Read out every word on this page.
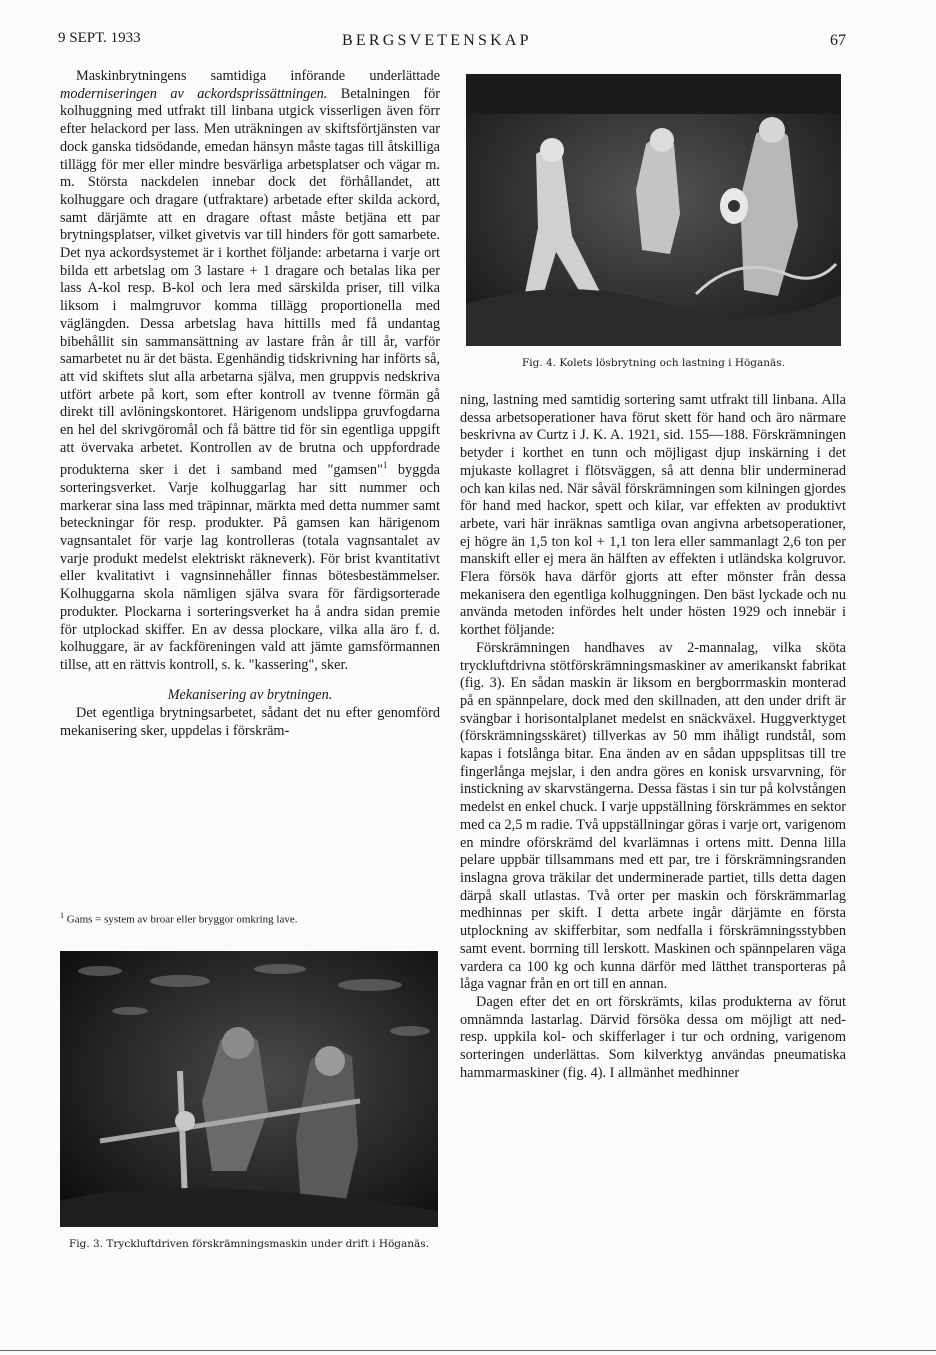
9 SEPT. 1933	BERGSVETENSKAP	67

Maskinbrytningens samtidiga införande underlättade moderniseringen av ackordsprissättningen. Betalningen för kolhuggning med utfrakt till linbana utgick visserligen även förr efter helackord per lass. Men uträkningen av skiftsförtjänsten var dock ganska tidsödande, emedan hänsyn måste tagas till åtskilliga tillägg för mer eller mindre besvärliga arbetsplatser och vägar m. m. Största nackdelen innebar dock det förhållandet, att kolhuggare och dragare (utfraktare) arbetade efter skilda ackord, samt därjämte att en dragare oftast måste betjäna ett par brytningsplatser, vilket givetvis var till hinders för gott samarbete. Det nya ackordsystemet är i korthet följande: arbetarna i varje ort bilda ett arbetslag om 3 lastare + 1 dragare och betalas lika per lass A-kol resp. B-kol och lera med särskilda priser, till vilka liksom i malmgruvor komma tillägg proportionella med väglängden. Dessa arbetslag hava hittills med få undantag bibehållit sin sammansättning av lastare från år till år, varför samarbetet nu är det bästa. Egenhändig tidskrivning har införts så, att vid skiftets slut alla arbetarna själva, men gruppvis nedskriva utfört arbete på kort, som efter kontroll av tvenne förmän gå direkt till avlöningskontoret. Härigenom undslippa gruvfogdarna en hel del skrivgöromål och få bättre tid för sin egentliga uppgift att övervaka arbetet. Kontrollen av de brutna och uppfordrade produkterna sker i det i samband med "gamsen"$^1$ byggda sorteringsverket. Varje kolhuggarlag har sitt nummer och markerar sina lass med träpinnar, märkta med detta nummer samt beteckningar för resp. produkter. På gamsen kan härigenom vagnsantalet för varje lag kontrolleras (totala vagnsantalet av varje produkt medelst elektriskt räkneverk). För brist kvantitativt eller kvalitativt i vagnsinnehåller finnas bötesbestämmelser. Kolhuggarna skola nämligen själva svara för färdigsorterade produkter. Plockarna i sorteringsverket ha å andra sidan premie för utplockad skiffer. En av dessa plockare, vilka alla äro f. d. kolhuggare, är av fackföreningen vald att jämte gamsförmannen tillse, att en rättvis kontroll, s. k. "kassering", sker.

Mekanisering av brytningen.

Det egentliga brytningsarbetet, sådant det nu efter genomförd mekanisering sker, uppdelas i förskräm-

$^1$ Gams = system av broar eller bryggor omkring lave.
Fig. 3. Tryckluftdriven förskrämningsmaskin under drift i Höganäs.
Fig. 4. Kolets lösbrytning och lastning i Höganäs.

ning, lastning med samtidig sortering samt utfrakt till linbana. Alla dessa arbetsoperationer hava förut skett för hand och äro närmare beskrivna av Curtz i J. K. A. 1921, sid. 155—188. Förskrämningen betyder i korthet en tunn och möjligast djup inskärning i det mjukaste kollagret i flötsväggen, så att denna blir underminerad och kan kilas ned. När såväl förskrämningen som kilningen gjordes för hand med hackor, spett och kilar, var effekten av produktivt arbete, vari här inräknas samtliga ovan angivna arbetsoperationer, ej högre än 1,5 ton kol + 1,1 ton lera eller sammanlagt 2,6 ton per manskift eller ej mera än hälften av effekten i utländska kolgruvor. Flera försök hava därför gjorts att efter mönster från dessa mekanisera den egentliga kolhuggningen. Den bäst lyckade och nu använda metoden infördes helt under hösten 1929 och innebär i korthet följande:

Förskrämningen handhaves av 2-mannalag, vilka sköta tryckluftdrivna stötförskrämningsmaskiner av amerikanskt fabrikat (fig. 3). En sådan maskin är liksom en bergborrmaskin monterad på en spännpelare, dock med den skillnaden, att den under drift är svängbar i horisontalplanet medelst en snäckväxel. Huggverktyget (förskrämningsskäret) tillverkas av 50 mm ihåligt rundstål, som kapas i fotslånga bitar. Ena änden av en sådan uppsplitsas till tre fingerlånga mejslar, i den andra göres en konisk ursvarvning, för instickning av skarvstängerna. Dessa fästas i sin tur på kolvstången medelst en enkel chuck. I varje uppställning förskrämmes en sektor med ca 2,5 m radie. Två uppställningar göras i varje ort, varigenom en mindre oförskrämd del kvarlämnas i ortens mitt. Denna lilla pelare uppbär tillsammans med ett par, tre i förskrämningsranden inslagna grova träkilar det underminerade partiet, tills detta dagen därpå skall utlastas. Två orter per maskin och förskrämmarlag medhinnas per skift. I detta arbete ingår därjämte en första utplockning av skifferbitar, som nedfalla i förskrämningsstybben samt event. borrning till lerskott. Maskinen och spännpelaren väga vardera ca 100 kg och kunna därför med lätthet transporteras på låga vagnar från en ort till en annan.

Dagen efter det en ort förskrämts, kilas produkterna av förut omnämnda lastarlag. Därvid försöka dessa om möjligt att ned- resp. uppkila kol- och skifferlager i tur och ordning, varigenom sorteringen underlättas. Som kilverktyg användas pneumatiska hammarmaskiner (fig. 4). I allmänhet medhinner
